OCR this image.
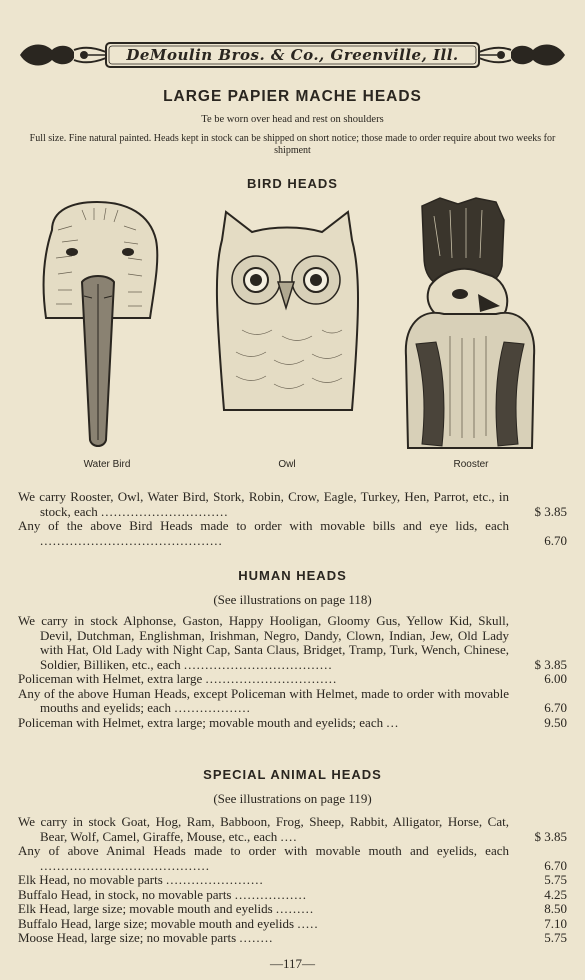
DeMoulin Bros. & Co., Greenville, Ill.
LARGE PAPIER MACHE HEADS
Te be worn over head and rest on shoulders
Full size. Fine natural painted. Heads kept in stock can be shipped on short notice; those made to order require about two weeks for shipment
BIRD HEADS
Water Bird	Owl	Rooster
We carry Rooster, Owl, Water Bird, Stork, Robin, Crow, Eagle, Turkey, Hen, Parrot, etc., in stock, each ..............................	$ 3.85
Any of the above Bird Heads made to order with movable bills and eye lids, each ...........................................	6.70
HUMAN HEADS
(See illustrations on page 118)
We carry in stock Alphonse, Gaston, Happy Hooligan, Gloomy Gus, Yellow Kid, Skull, Devil, Dutchman, Englishman, Irishman, Negro, Dandy, Clown, Indian, Jew, Old Lady with Hat, Old Lady with Night Cap, Santa Claus, Bridget, Tramp, Turk, Wench, Chinese, Soldier, Billiken, etc., each ...................................	$ 3.85
Policeman with Helmet, extra large ...............................	6.00
Any of the above Human Heads, except Policeman with Helmet, made to order with movable mouths and eyelids; each ..................	6.70
Policeman with Helmet, extra large; movable mouth and eyelids; each ...	9.50
SPECIAL ANIMAL HEADS
(See illustrations on page 119)
We carry in stock Goat, Hog, Ram, Babboon, Frog, Sheep, Rabbit, Alligator, Horse, Cat, Bear, Wolf, Camel, Giraffe, Mouse, etc., each ....	$ 3.85
Any of above Animal Heads made to order with movable mouth and eyelids, each ........................................	6.70
Elk Head, no movable parts .......................	5.75
Buffalo Head, in stock, no movable parts .................	4.25
Elk Head, large size; movable mouth and eyelids .........	8.50
Buffalo Head, large size; movable mouth and eyelids .....	7.10
Moose Head, large size; no movable parts ........	5.75
—117—
